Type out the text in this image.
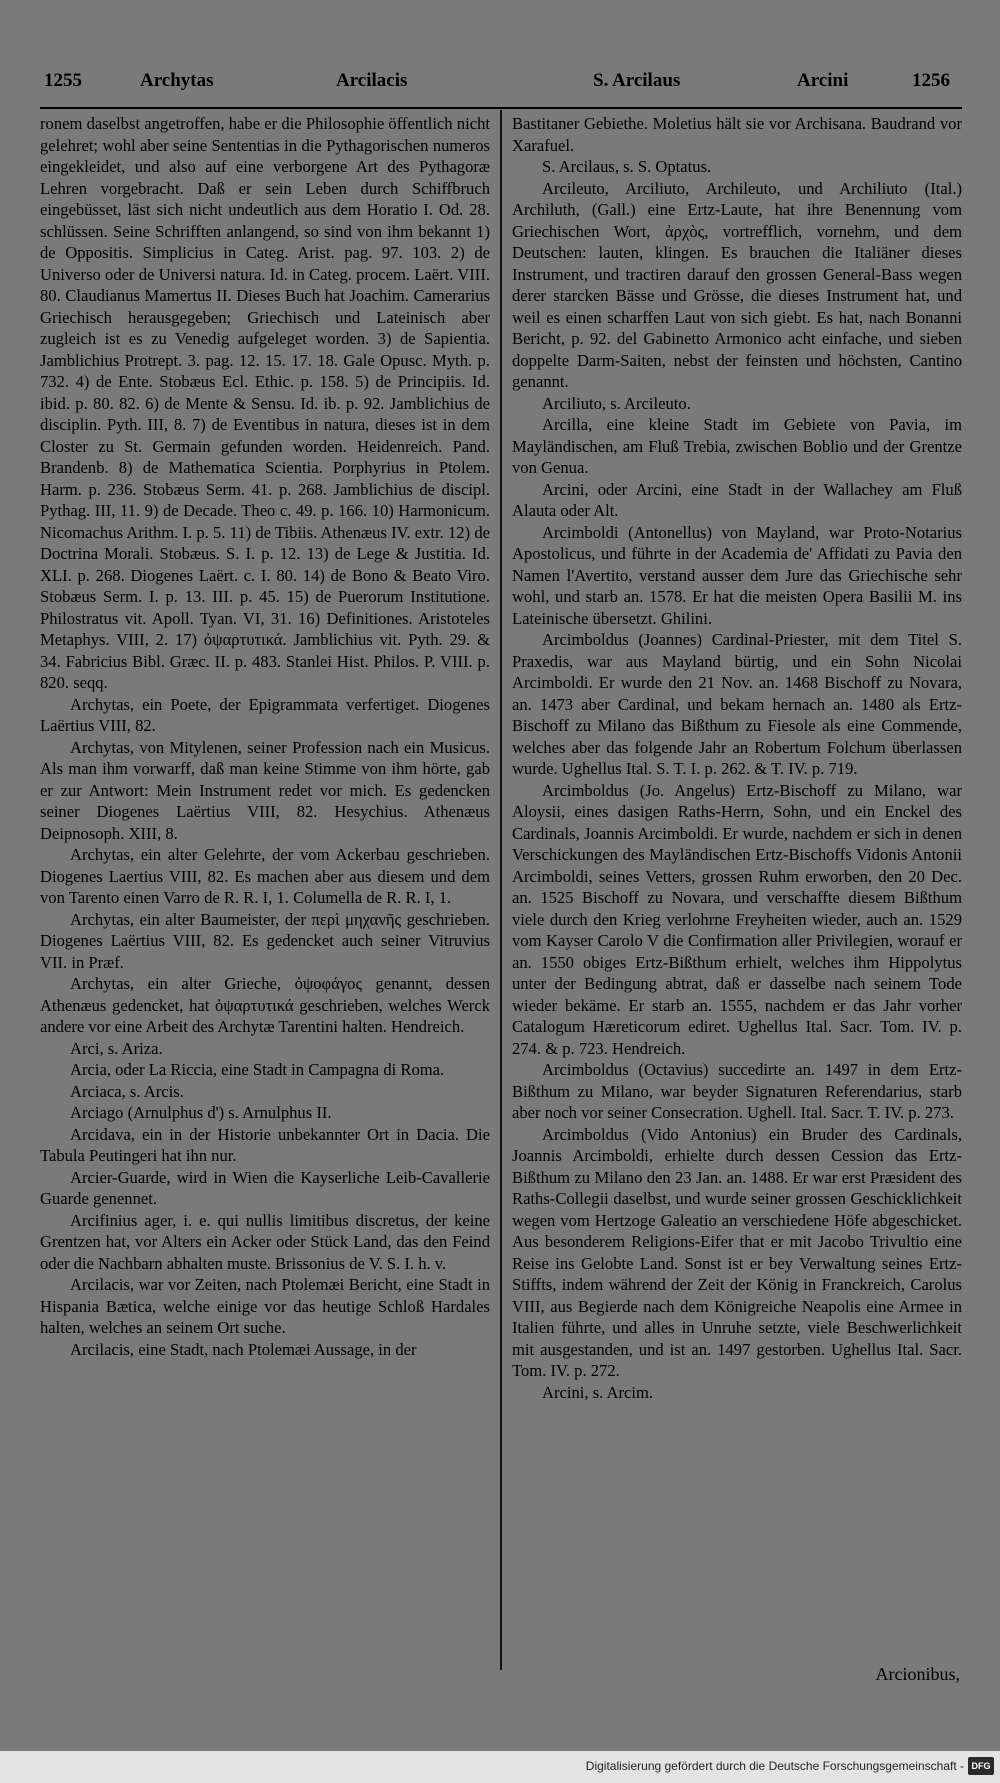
1255	Archytas	Arcilacis	S. Arcilaus	Arcini	1256

ronem daselbst angetroffen, habe er die Philosophie öffentlich nicht gelehret; wohl aber seine Sententias in die Pythagorischen numeros eingekleidet, und also auf eine verborgene Art des Pythagoræ Lehren vorgebracht. Daß er sein Leben durch Schiffbruch eingebüsset, läst sich nicht undeutlich aus dem Horatio I. Od. 28. schlüssen. Seine Schrifften anlangend, so sind von ihm bekannt 1) de Oppositis. Simplicius in Categ. Arist. pag. 97. 103. 2) de Universo oder de Universi natura. Id. in Categ. procem. Laërt. VIII. 80. Claudianus Mamertus II. Dieses Buch hat Joachim. Camerarius Griechisch herausgegeben; Griechisch und Lateinisch aber zugleich ist es zu Venedig aufgeleget worden. 3) de Sapientia. Jamblichius Protrept. 3. pag. 12. 15. 17. 18. Gale Opusc. Myth. p. 732. 4) de Ente. Stobæus Ecl. Ethic. p. 158. 5) de Principiis. Id. ibid. p. 80. 82. 6) de Mente & Sensu. Id. ib. p. 92. Jamblichius de disciplin. Pyth. III, 8. 7) de Eventibus in natura, dieses ist in dem Closter zu St. Germain gefunden worden. Heidenreich. Pand. Brandenb. 8) de Mathematica Scientia. Porphyrius in Ptolem. Harm. p. 236. Stobæus Serm. 41. p. 268. Jamblichius de discipl. Pythag. III, 11. 9) de Decade. Theo c. 49. p. 166. 10) Harmonicum. Nicomachus Arithm. I. p. 5. 11) de Tibiis. Athenæus IV. extr. 12) de Doctrina Morali. Stobæus. S. I. p. 12. 13) de Lege & Justitia. Id. XLI. p. 268. Diogenes Laërt. c. I. 80. 14) de Bono & Beato Viro. Stobæus Serm. I. p. 13. III. p. 45. 15) de Puerorum Institutione. Philostratus vit. Apoll. Tyan. VI, 31. 16) Definitiones. Aristoteles Metaphys. VIII, 2. 17) ὀψαρτυτικά. Jamblichius vit. Pyth. 29. & 34. Fabricius Bibl. Græc. II. p. 483. Stanlei Hist. Philos. P. VIII. p. 820. seqq.

Archytas, ein Poete, der Epigrammata verfertiget. Diogenes Laërtius VIII, 82.

Archytas, von Mitylenen, seiner Profession nach ein Musicus. Als man ihm vorwarff, daß man keine Stimme von ihm hörte, gab er zur Antwort: Mein Instrument redet vor mich. Es gedencken seiner Diogenes Laërtius VIII, 82. Hesychius. Athenæus Deipnosoph. XIII, 8.

Archytas, ein alter Gelehrte, der vom Ackerbau geschrieben. Diogenes Laertius VIII, 82. Es machen aber aus diesem und dem von Tarento einen Varro de R. R. I, 1. Columella de R. R. I, 1.

Archytas, ein alter Baumeister, der περὶ μηχανῆς geschrieben. Diogenes Laërtius VIII, 82. Es gedencket auch seiner Vitruvius VII. in Præf.

Archytas, ein alter Grieche, ὀψοφάγος genannt, dessen Athenæus gedencket, hat ὀψαρτυτικά geschrieben, welches Werck andere vor eine Arbeit des Archytæ Tarentini halten. Hendreich.

Arci, s. Ariza.

Arcia, oder La Riccia, eine Stadt in Campagna di Roma.

Arciaca, s. Arcis.

Arciago (Arnulphus d') s. Arnulphus II.

Arcidava, ein in der Historie unbekannter Ort in Dacia. Die Tabula Peutingeri hat ihn nur.

Arcier-Guarde, wird in Wien die Kayserliche Leib-Cavallerie Guarde genennet.

Arcifinius ager, i. e. qui nullis limitibus discretus, der keine Grentzen hat, vor Alters ein Acker oder Stück Land, das den Feind oder die Nachbarn abhalten muste. Brissonius de V. S. I. h. v.

Arcilacis, war vor Zeiten, nach Ptolemæi Bericht, eine Stadt in Hispania Bætica, welche einige vor das heutige Schloß Hardales halten, welches an seinem Ort suche.

Arcilacis, eine Stadt, nach Ptolemæi Aussage, in der

Bastitaner Gebiethe. Moletius hält sie vor Archisana. Baudrand vor Xarafuel.

S. Arcilaus, s. S. Optatus.

Arcileuto, Arciliuto, Archileuto, und Archiliuto (Ital.) Archiluth, (Gall.) eine Ertz-Laute, hat ihre Benennung vom Griechischen Wort, ἀρχὸς, vortrefflich, vornehm, und dem Deutschen: lauten, klingen. Es brauchen die Italiäner dieses Instrument, und tractiren darauf den grossen General-Bass wegen derer starcken Bässe und Grösse, die dieses Instrument hat, und weil es einen scharffen Laut von sich giebt. Es hat, nach Bonanni Bericht, p. 92. del Gabinetto Armonico acht einfache, und sieben doppelte Darm-Saiten, nebst der feinsten und höchsten, Cantino genannt.

Arciliuto, s. Arcileuto.

Arcilla, eine kleine Stadt im Gebiete von Pavia, im Mayländischen, am Fluß Trebia, zwischen Boblio und der Grentze von Genua.

Arcini, oder Arcini, eine Stadt in der Wallachey am Fluß Alauta oder Alt.

Arcimboldi (Antonellus) von Mayland, war Proto-Notarius Apostolicus, und führte in der Academia de' Affidati zu Pavia den Namen l'Avertito, verstand ausser dem Jure das Griechische sehr wohl, und starb an. 1578. Er hat die meisten Opera Basilii M. ins Lateinische übersetzt. Ghilini.

Arcimboldus (Joannes) Cardinal-Priester, mit dem Titel S. Praxedis, war aus Mayland bürtig, und ein Sohn Nicolai Arcimboldi. Er wurde den 21 Nov. an. 1468 Bischoff zu Novara, an. 1473 aber Cardinal, und bekam hernach an. 1480 als Ertz-Bischoff zu Milano das Bißthum zu Fiesole als eine Commende, welches aber das folgende Jahr an Robertum Folchum überlassen wurde. Ughellus Ital. S. T. I. p. 262. & T. IV. p. 719.

Arcimboldus (Jo. Angelus) Ertz-Bischoff zu Milano, war Aloysii, eines dasigen Raths-Herrn, Sohn, und ein Enckel des Cardinals, Joannis Arcimboldi. Er wurde, nachdem er sich in denen Verschickungen des Mayländischen Ertz-Bischoffs Vidonis Antonii Arcimboldi, seines Vetters, grossen Ruhm erworben, den 20 Dec. an. 1525 Bischoff zu Novara, und verschaffte diesem Bißthum viele durch den Krieg verlohrne Freyheiten wieder, auch an. 1529 vom Kayser Carolo V die Confirmation aller Privilegien, worauf er an. 1550 obiges Ertz-Bißthum erhielt, welches ihm Hippolytus unter der Bedingung abtrat, daß er dasselbe nach seinem Tode wieder bekäme. Er starb an. 1555, nachdem er das Jahr vorher Catalogum Hæreticorum ediret. Ughellus Ital. Sacr. Tom. IV. p. 274. & p. 723. Hendreich.

Arcimboldus (Octavius) succedirte an. 1497 in dem Ertz-Bißthum zu Milano, war beyder Signaturen Referendarius, starb aber noch vor seiner Consecration. Ughell. Ital. Sacr. T. IV. p. 273.

Arcimboldus (Vido Antonius) ein Bruder des Cardinals, Joannis Arcimboldi, erhielte durch dessen Cession das Ertz-Bißthum zu Milano den 23 Jan. an. 1488. Er war erst Præsident des Raths-Collegii daselbst, und wurde seiner grossen Geschicklichkeit wegen vom Hertzoge Galeatio an verschiedene Höfe abgeschicket. Aus besonderem Religions-Eifer that er mit Jacobo Trivultio eine Reise ins Gelobte Land. Sonst ist er bey Verwaltung seines Ertz-Stiffts, indem während der Zeit der König in Franckreich, Carolus VIII, aus Begierde nach dem Königreiche Neapolis eine Armee in Italien führte, und alles in Unruhe setzte, viele Beschwerlichkeit mit ausgestanden, und ist an. 1497 gestorben. Ughellus Ital. Sacr. Tom. IV. p. 272.

Arcini, s. Arcim.

Arcionibus,
Digitalisierung gefördert durch die Deutsche Forschungsgemeinschaft - DFG
